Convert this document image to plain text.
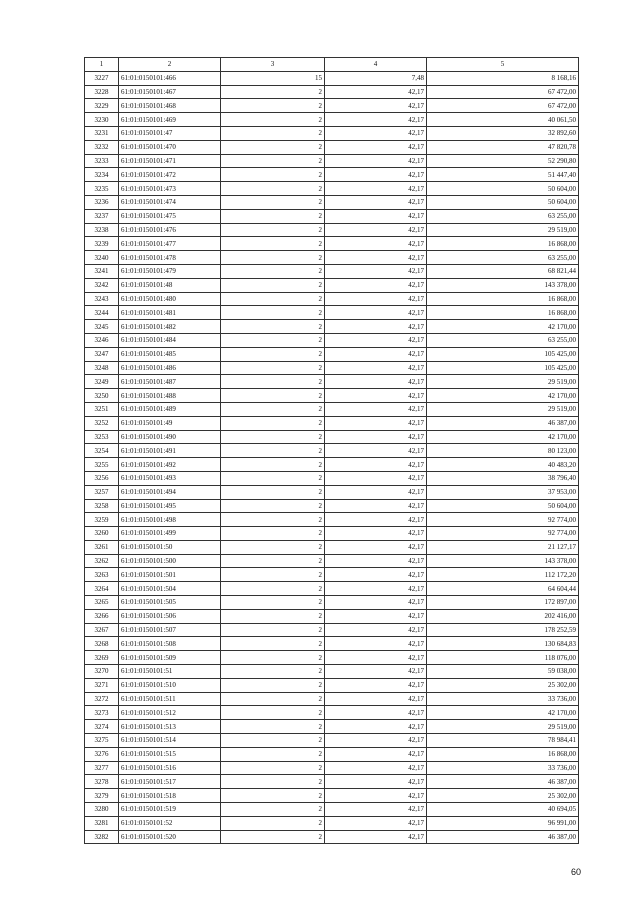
1	2	3	4	5
3227	61:01:0150101:466	15	7,48	8 168,16
3228	61:01:0150101:467	2	42,17	67 472,00
3229	61:01:0150101:468	2	42,17	67 472,00
3230	61:01:0150101:469	2	42,17	40 061,50
3231	61:01:0150101:47	2	42,17	32 892,60
3232	61:01:0150101:470	2	42,17	47 820,78
3233	61:01:0150101:471	2	42,17	52 290,80
3234	61:01:0150101:472	2	42,17	51 447,40
3235	61:01:0150101:473	2	42,17	50 604,00
3236	61:01:0150101:474	2	42,17	50 604,00
3237	61:01:0150101:475	2	42,17	63 255,00
3238	61:01:0150101:476	2	42,17	29 519,00
3239	61:01:0150101:477	2	42,17	16 868,00
3240	61:01:0150101:478	2	42,17	63 255,00
3241	61:01:0150101:479	2	42,17	68 821,44
3242	61:01:0150101:48	2	42,17	143 378,00
3243	61:01:0150101:480	2	42,17	16 868,00
3244	61:01:0150101:481	2	42,17	16 868,00
3245	61:01:0150101:482	2	42,17	42 170,00
3246	61:01:0150101:484	2	42,17	63 255,00
3247	61:01:0150101:485	2	42,17	105 425,00
3248	61:01:0150101:486	2	42,17	105 425,00
3249	61:01:0150101:487	2	42,17	29 519,00
3250	61:01:0150101:488	2	42,17	42 170,00
3251	61:01:0150101:489	2	42,17	29 519,00
3252	61:01:0150101:49	2	42,17	46 387,00
3253	61:01:0150101:490	2	42,17	42 170,00
3254	61:01:0150101:491	2	42,17	80 123,00
3255	61:01:0150101:492	2	42,17	40 483,20
3256	61:01:0150101:493	2	42,17	38 796,40
3257	61:01:0150101:494	2	42,17	37 953,00
3258	61:01:0150101:495	2	42,17	50 604,00
3259	61:01:0150101:498	2	42,17	92 774,00
3260	61:01:0150101:499	2	42,17	92 774,00
3261	61:01:0150101:50	2	42,17	21 127,17
3262	61:01:0150101:500	2	42,17	143 378,00
3263	61:01:0150101:501	2	42,17	112 172,20
3264	61:01:0150101:504	2	42,17	64 604,44
3265	61:01:0150101:505	2	42,17	172 897,00
3266	61:01:0150101:506	2	42,17	202 416,00
3267	61:01:0150101:507	2	42,17	178 252,59
3268	61:01:0150101:508	2	42,17	130 684,83
3269	61:01:0150101:509	2	42,17	118 076,00
3270	61:01:0150101:51	2	42,17	59 038,00
3271	61:01:0150101:510	2	42,17	25 302,00
3272	61:01:0150101:511	2	42,17	33 736,00
3273	61:01:0150101:512	2	42,17	42 170,00
3274	61:01:0150101:513	2	42,17	29 519,00
3275	61:01:0150101:514	2	42,17	78 984,41
3276	61:01:0150101:515	2	42,17	16 868,00
3277	61:01:0150101:516	2	42,17	33 736,00
3278	61:01:0150101:517	2	42,17	46 387,00
3279	61:01:0150101:518	2	42,17	25 302,00
3280	61:01:0150101:519	2	42,17	40 694,05
3281	61:01:0150101:52	2	42,17	96 991,00
3282	61:01:0150101:520	2	42,17	46 387,00
60
